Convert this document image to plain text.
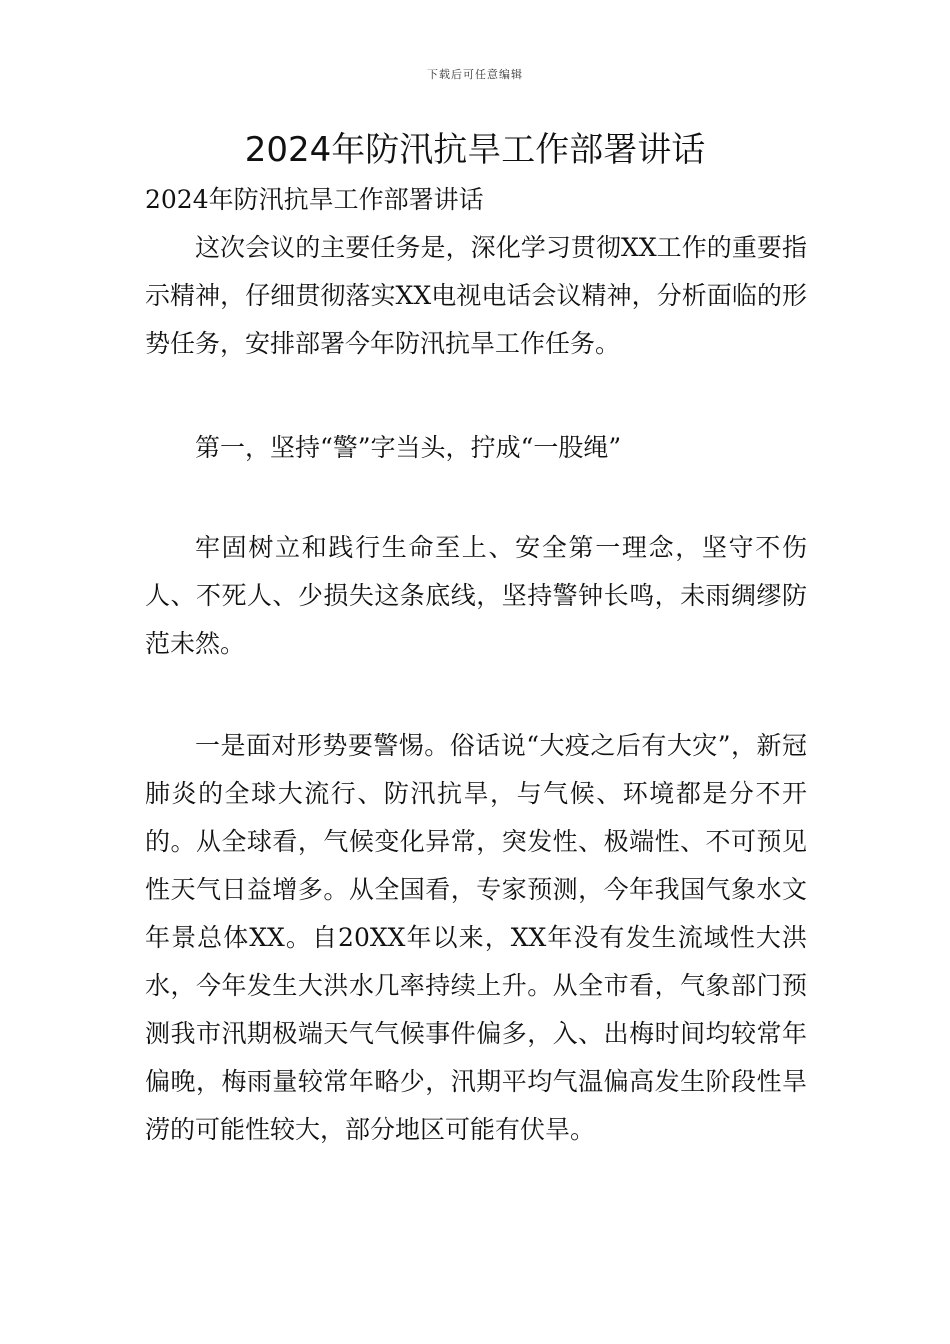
下载后可任意编辑
2024年防汛抗旱工作部署讲话
2024年防汛抗旱工作部署讲话

这次会议的主要任务是，深化学习贯彻XX工作的重要指示精神，仔细贯彻落实XX电视电话会议精神，分析面临的形势任务，安排部署今年防汛抗旱工作任务。

第一，坚持“警”字当头，拧成“一股绳”

牢固树立和践行生命至上、安全第一理念，坚守不伤人、不死人、少损失这条底线，坚持警钟长鸣，未雨绸缪防范未然。

一是面对形势要警惕。俗话说“大疫之后有大灾”，新冠肺炎的全球大流行、防汛抗旱，与气候、环境都是分不开的。从全球看，气候变化异常，突发性、极端性、不可预见性天气日益增多。从全国看，专家预测，今年我国气象水文年景总体XX。自20XX年以来，XX年没有发生流域性大洪水，今年发生大洪水几率持续上升。从全市看，气象部门预测我市汛期极端天气气候事件偏多，入、出梅时间均较常年偏晚，梅雨量较常年略少，汛期平均气温偏高发生阶段性旱涝的可能性较大，部分地区可能有伏旱。
